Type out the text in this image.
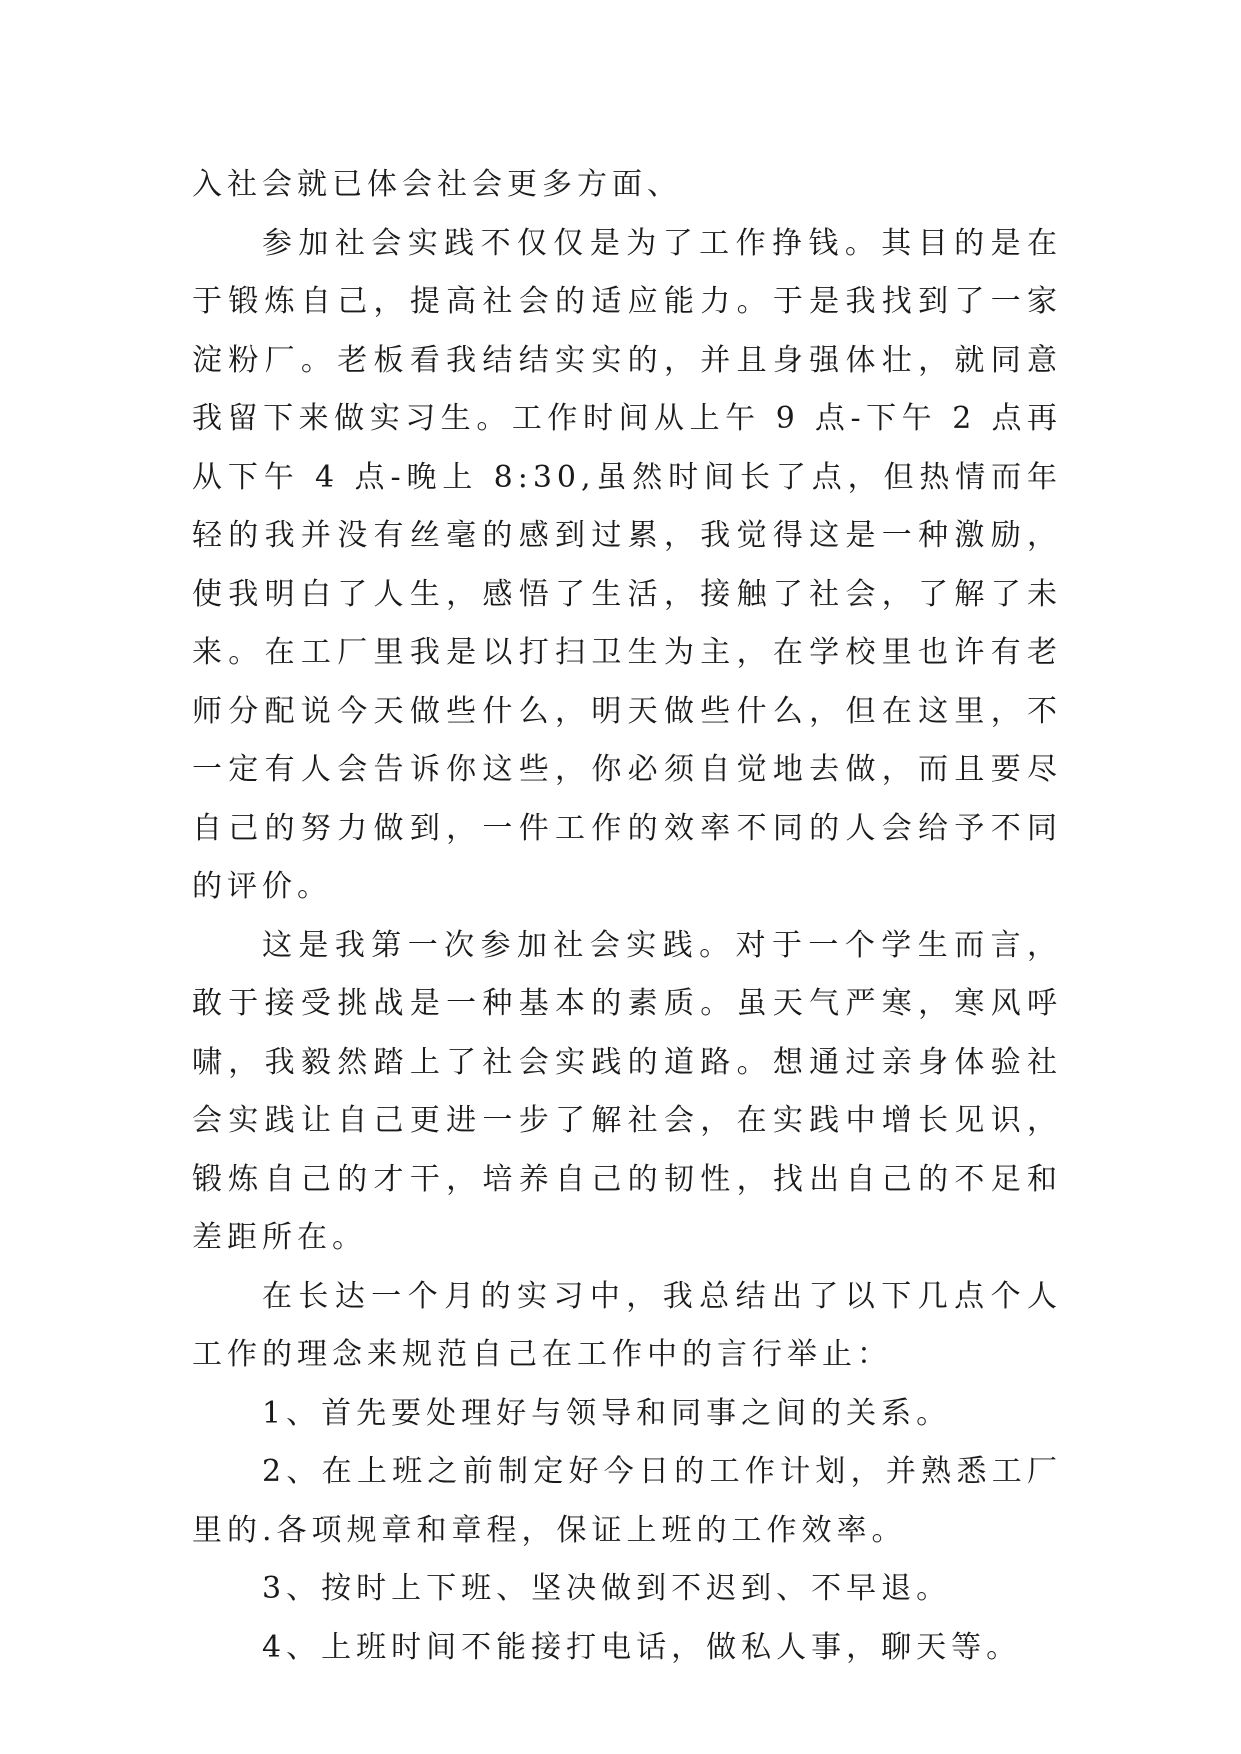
入社会就已体会社会更多方面、

参加社会实践不仅仅是为了工作挣钱。其目的是在于锻炼自己，提高社会的适应能力。于是我找到了一家淀粉厂。老板看我结结实实的，并且身强体壮，就同意我留下来做实习生。工作时间从上午 9 点-下午 2 点再从下午 4 点-晚上 8:30,虽然时间长了点，但热情而年轻的我并没有丝毫的感到过累，我觉得这是一种激励，使我明白了人生，感悟了生活，接触了社会，了解了未来。在工厂里我是以打扫卫生为主，在学校里也许有老师分配说今天做些什么，明天做些什么，但在这里，不一定有人会告诉你这些，你必须自觉地去做，而且要尽自己的努力做到，一件工作的效率不同的人会给予不同的评价。

这是我第一次参加社会实践。对于一个学生而言，敢于接受挑战是一种基本的素质。虽天气严寒，寒风呼啸，我毅然踏上了社会实践的道路。想通过亲身体验社会实践让自己更进一步了解社会，在实践中增长见识，锻炼自己的才干，培养自己的韧性，找出自己的不足和差距所在。

在长达一个月的实习中，我总结出了以下几点个人工作的理念来规范自己在工作中的言行举止：

1、首先要处理好与领导和同事之间的关系。

2、在上班之前制定好今日的工作计划，并熟悉工厂里的.各项规章和章程，保证上班的工作效率。

3、按时上下班、坚决做到不迟到、不早退。

4、上班时间不能接打电话，做私人事，聊天等。
